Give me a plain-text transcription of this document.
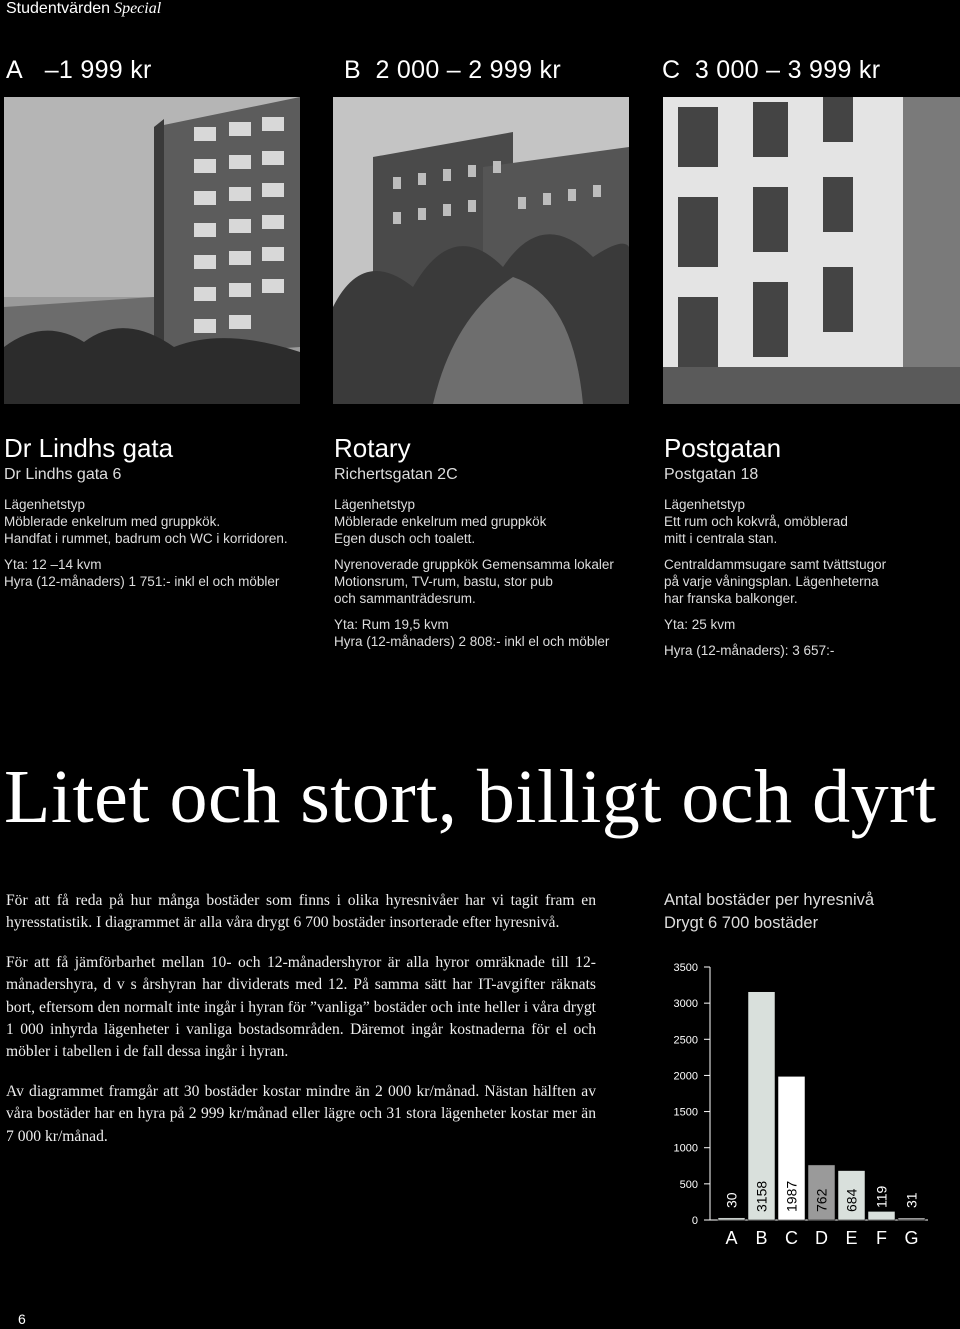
Studentvärden Special
A   –1 999 kr	B  2 000 – 2 999 kr	C  3 000 – 3 999 kr
Dr Lindhs gata
Dr Lindhs gata 6

Lägenhetstyp
Möblerade enkelrum med gruppkök.
Handfat i rummet, badrum och WC i korridoren.

Yta: 12 –14 kvm
Hyra (12-månaders) 1 751:- inkl el och möbler

Rotary
Richertsgatan 2C

Lägenhetstyp
Möblerade enkelrum med gruppkök
Egen dusch och toalett.

Nyrenoverade gruppkök Gemensamma lokaler
Motionsrum, TV-rum, bastu, stor pub
och sammanträdesrum.

Yta: Rum 19,5 kvm
Hyra (12-månaders) 2 808:- inkl el och möbler

Postgatan
Postgatan 18

Lägenhetstyp
Ett rum och kokvrå, omöblerad
mitt i centrala stan.

Centraldammsugare samt tvättstugor
på varje våningsplan. Lägenheterna
har franska balkonger.

Yta: 25 kvm

Hyra (12-månaders): 3 657:-

Litet och stort, billigt och dyrt

För att få reda på hur många bostäder som finns i olika hyresnivåer har vi tagit fram en hyresstatistik. I diagrammet är alla våra drygt 6 700 bostäder insorterade efter hyresnivå.

För att få jämförbarhet mellan 10- och 12-månadershyror är alla hyror omräknade till 12-månadershyra, d v s årshyran har dividerats med 12. På samma sätt har IT-avgifter räknats bort, eftersom den normalt inte ingår i hyran för ”vanliga” bostäder och inte heller i våra drygt 1 000 inhyrda lägenheter i vanliga bostadsområden. Däremot ingår kostnaderna för el och möbler i tabellen i de fall dessa ingår i hyran.

Av diagrammet framgår att 30 bostäder kostar mindre än 2 000 kr/månad. Nästan hälften av våra bostäder har en hyra på 2 999 kr/månad eller lägre och 31 stora lägenheter kostar mer än 7 000 kr/månad.

Antal bostäder per hyresnivå
Drygt 6 700 bostäder
0
500
1000
1500
2000
2500
3000
3500
30
A
3158
B
1987
C
762
D
684
E
119
F
31
G
6
